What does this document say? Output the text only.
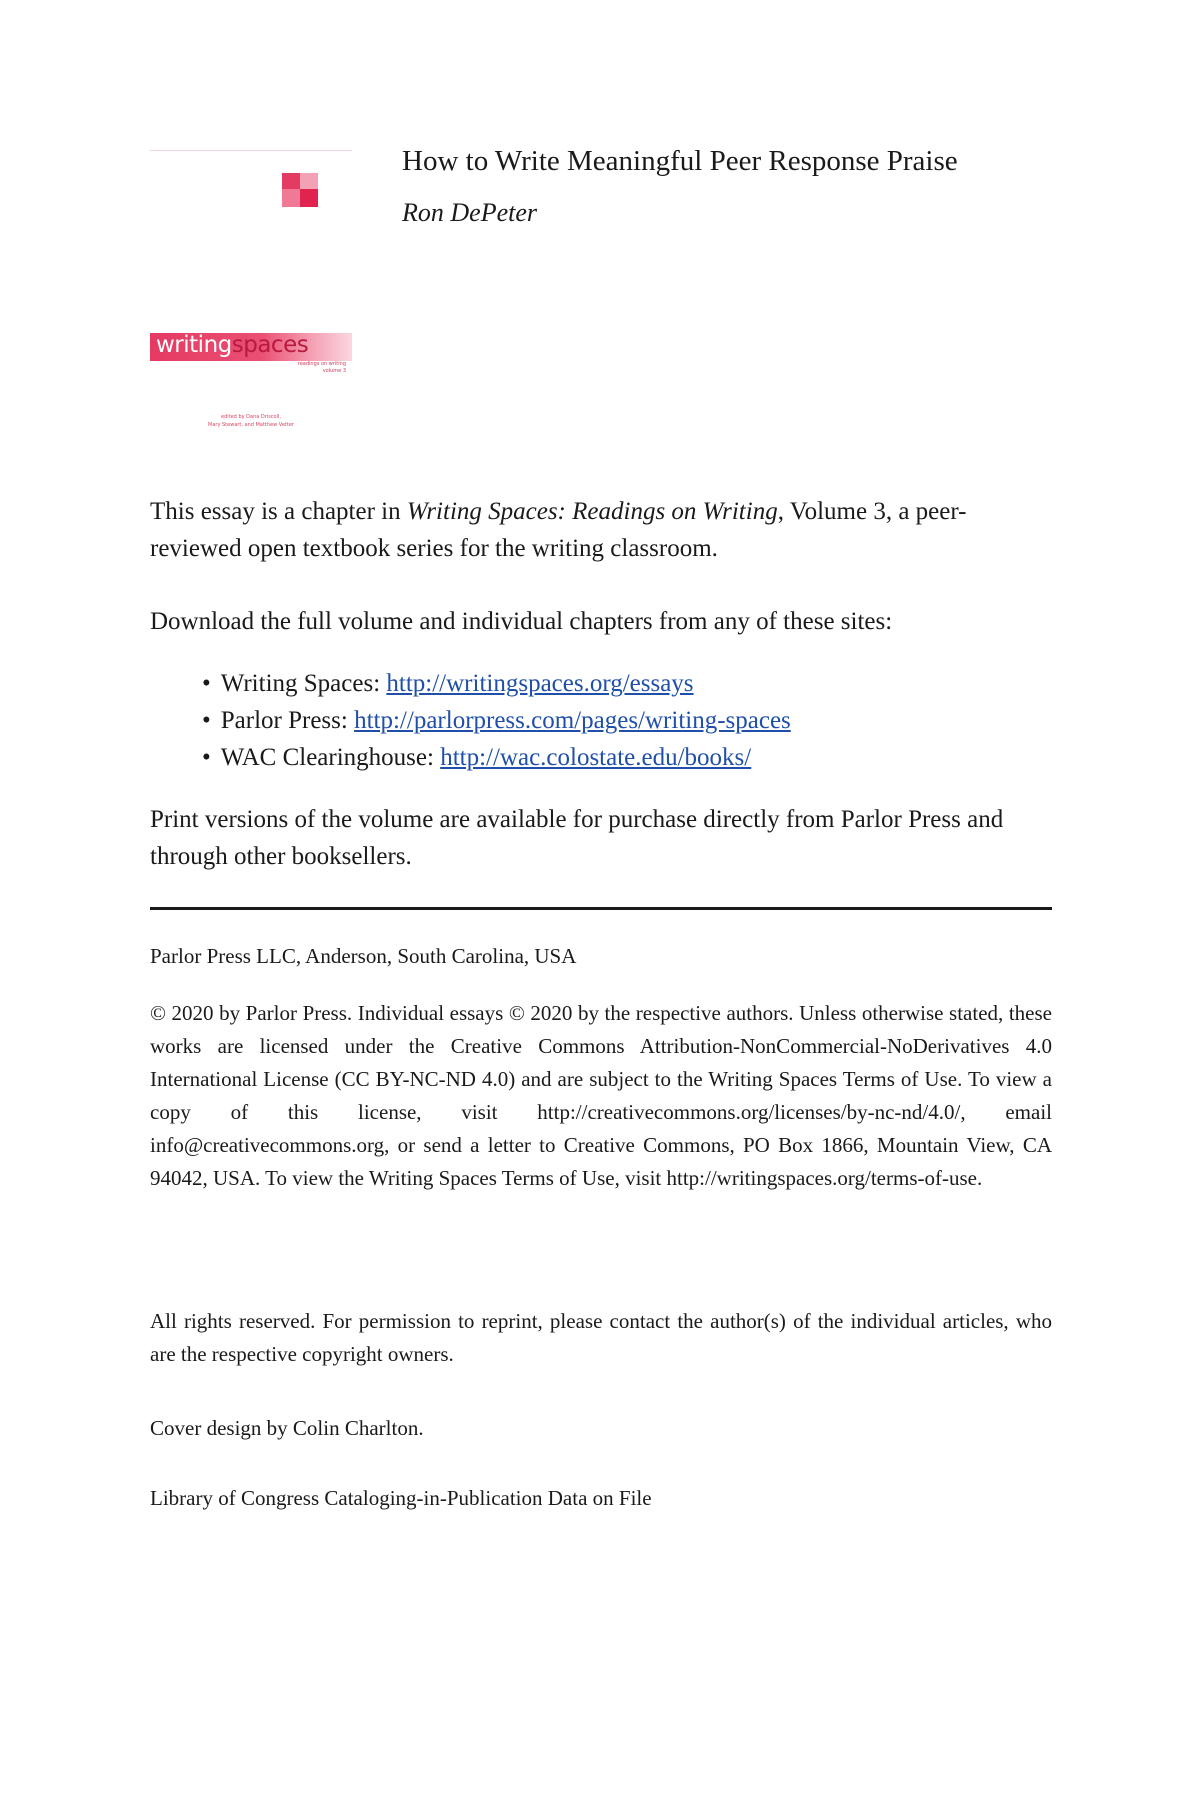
writingspaces
readings on writing
volume 3
edited by Dana Driscoll,
Mary Stewart, and Matthew Vetter
How to Write Meaningful Peer Response Praise
Ron DePeter
This essay is a chapter in Writing Spaces: Readings on Writing, Volume 3, a peer-reviewed open textbook series for the writing classroom.
Download the full volume and individual chapters from any of these sites:
• Writing Spaces: http://writingspaces.org/essays
• Parlor Press: http://parlorpress.com/pages/writing-spaces
• WAC Clearinghouse: http://wac.colostate.edu/books/
Print versions of the volume are available for purchase directly from Parlor Press and through other booksellers.
Parlor Press LLC, Anderson, South Carolina, USA
© 2020 by Parlor Press. Individual essays © 2020 by the respective authors. Unless otherwise stated, these works are licensed under the Creative Commons Attribution-NonCommercial-NoDerivatives 4.0 International License (CC BY-NC-ND 4.0) and are subject to the Writing Spaces Terms of Use. To view a copy of this license, visit http://creativecommons.org/licenses/by-nc-nd/4.0/, email info@creativecommons.org, or send a letter to Creative Commons, PO Box 1866, Mountain View, CA 94042, USA. To view the Writing Spaces Terms of Use, visit http://writingspaces.org/terms-of-use.
All rights reserved. For permission to reprint, please contact the author(s) of the individual articles, who are the respective copyright owners.
Cover design by Colin Charlton.
Library of Congress Cataloging-in-Publication Data on File
